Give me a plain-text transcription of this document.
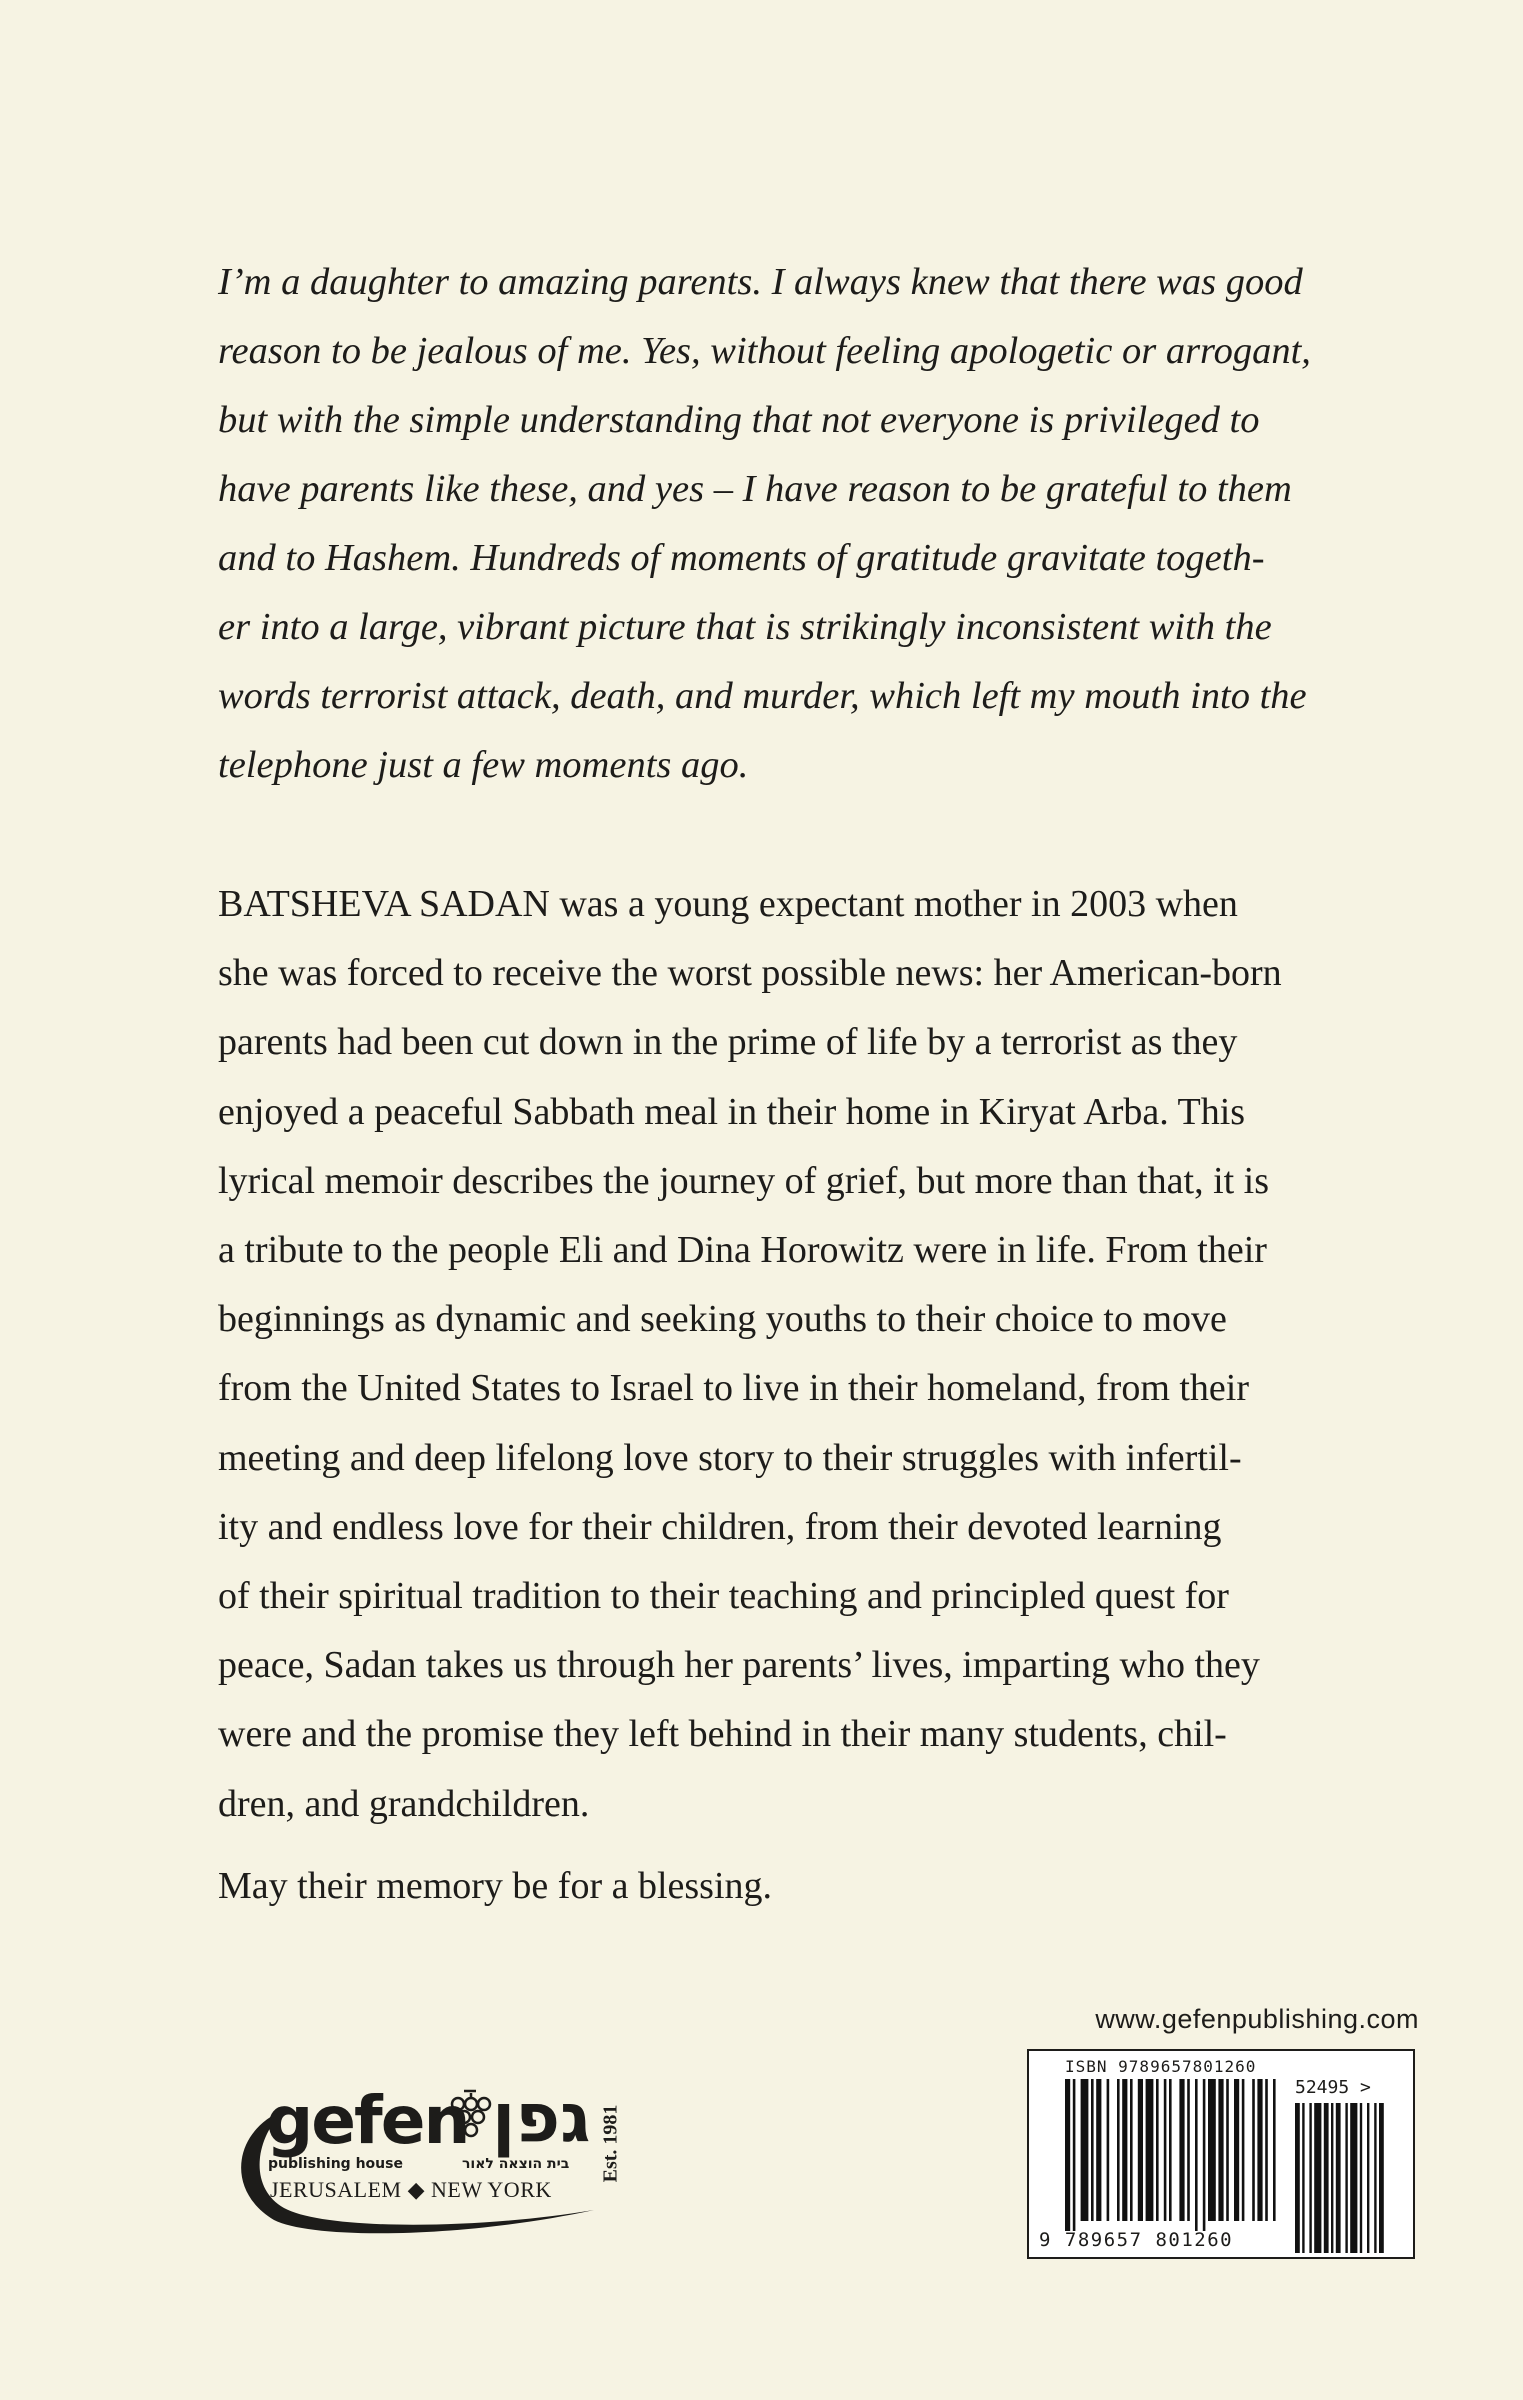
I’m a daughter to amazing parents. I always knew that there was good
reason to be jealous of me. Yes, without feeling apologetic or arrogant,
but with the simple understanding that not everyone is privileged to
have parents like these, and yes – I have reason to be grateful to them
and to Hashem. Hundreds of moments of gratitude gravitate togeth-
er into a large, vibrant picture that is strikingly inconsistent with the
words terrorist attack, death, and murder, which left my mouth into the
telephone just a few moments ago.
BATSHEVA SADAN was a young expectant mother in 2003 when
she was forced to receive the worst possible news: her American-born
parents had been cut down in the prime of life by a terrorist as they
enjoyed a peaceful Sabbath meal in their home in Kiryat Arba. This
lyrical memoir describes the journey of grief, but more than that, it is
a tribute to the people Eli and Dina Horowitz were in life. From their
beginnings as dynamic and seeking youths to their choice to move
from the United States to Israel to live in their homeland, from their
meeting and deep lifelong love story to their struggles with infertil-
ity and endless love for their children, from their devoted learning
of their spiritual tradition to their teaching and principled quest for
peace, Sadan takes us through her parents’ lives, imparting who they
were and the promise they left behind in their many students, chil-
dren, and grandchildren.

May their memory be for a blessing.

gefen גפן
publishing house	בית הוצאה לאור
JERUSALEM ◆ NEW YORK
Est. 1981
www.gefenpublishing.com
ISBN 9789657801260
52495 >
9 789657 801260
